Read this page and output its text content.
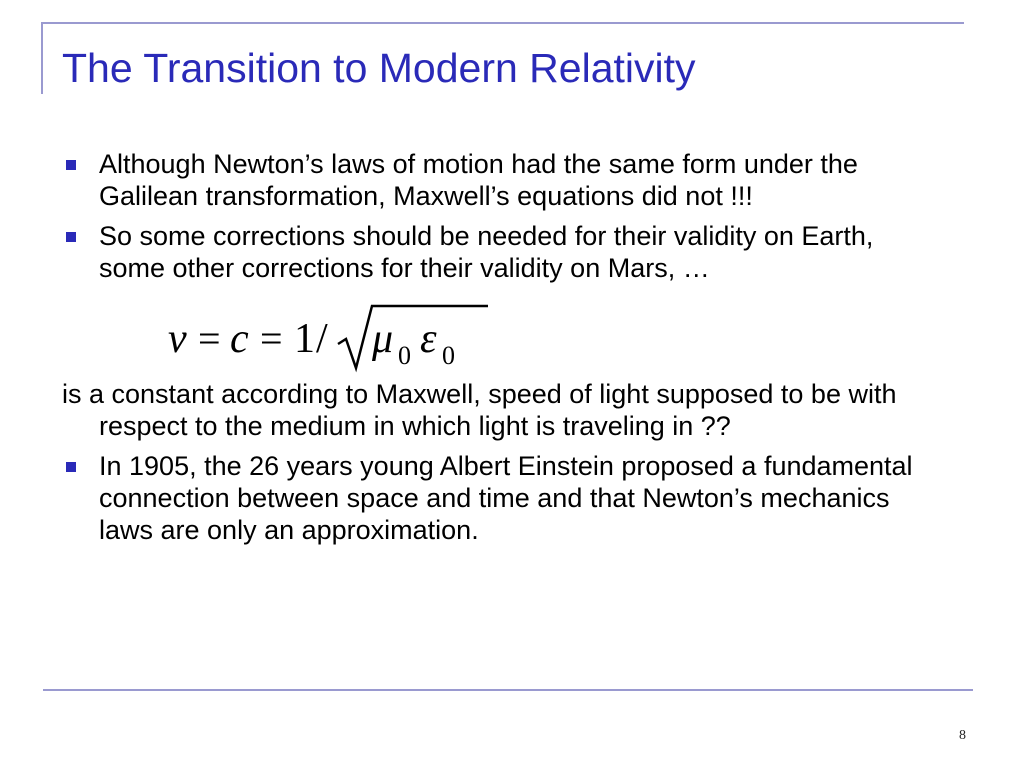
The Transition to Modern Relativity
Although Newton’s laws of motion had the same form under the Galilean transformation, Maxwell’s equations did not !!!
So some corrections should be needed for their validity on Earth, some other corrections for their validity on Mars, …
v = c = 1 / μ 0 ε 0
is a constant according to Maxwell, speed of light supposed to be with respect to the medium in which light is traveling in ??
In 1905, the 26 years young Albert Einstein proposed a fundamental connection between space and time and that Newton’s mechanics laws are only an approximation.
8
